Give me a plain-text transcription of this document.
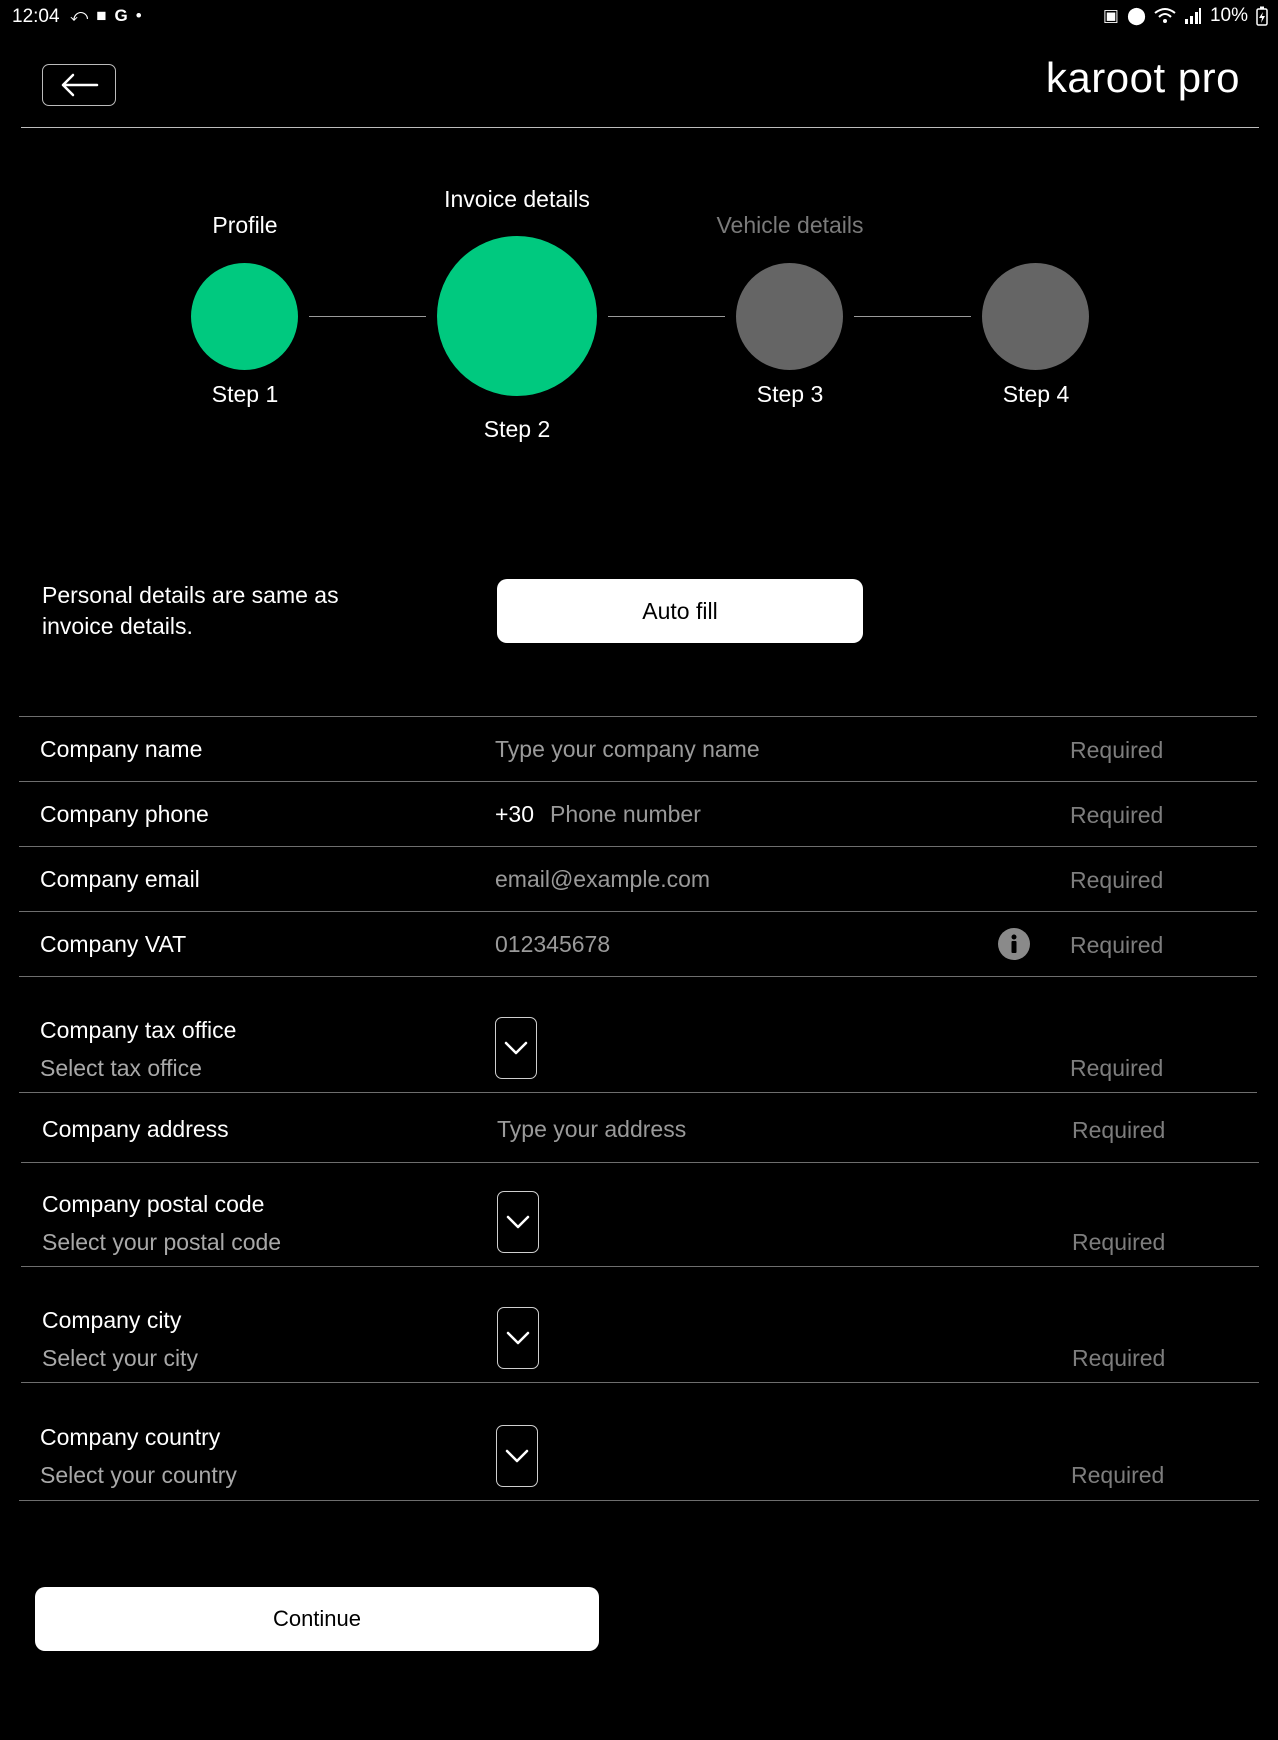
12:04 ⤺ ■ G •	▣ ⬤	10%
karoot pro
Profile
Invoice details
Vehicle details
Step 1
Step 2
Step 3	Step 4
Personal details are same as invoice details.
Auto fill
Company name	Type your company name	Required
Company phone	+30 Phone number	Required
Company email	email@example.com	Required
Company VAT	012345678	Required
Company tax office
Select tax office	Required
Company address	Type your address	Required
Company postal code
Select your postal code	Required
Company city
Select your city	Required
Company country
Select your country	Required
Continue
